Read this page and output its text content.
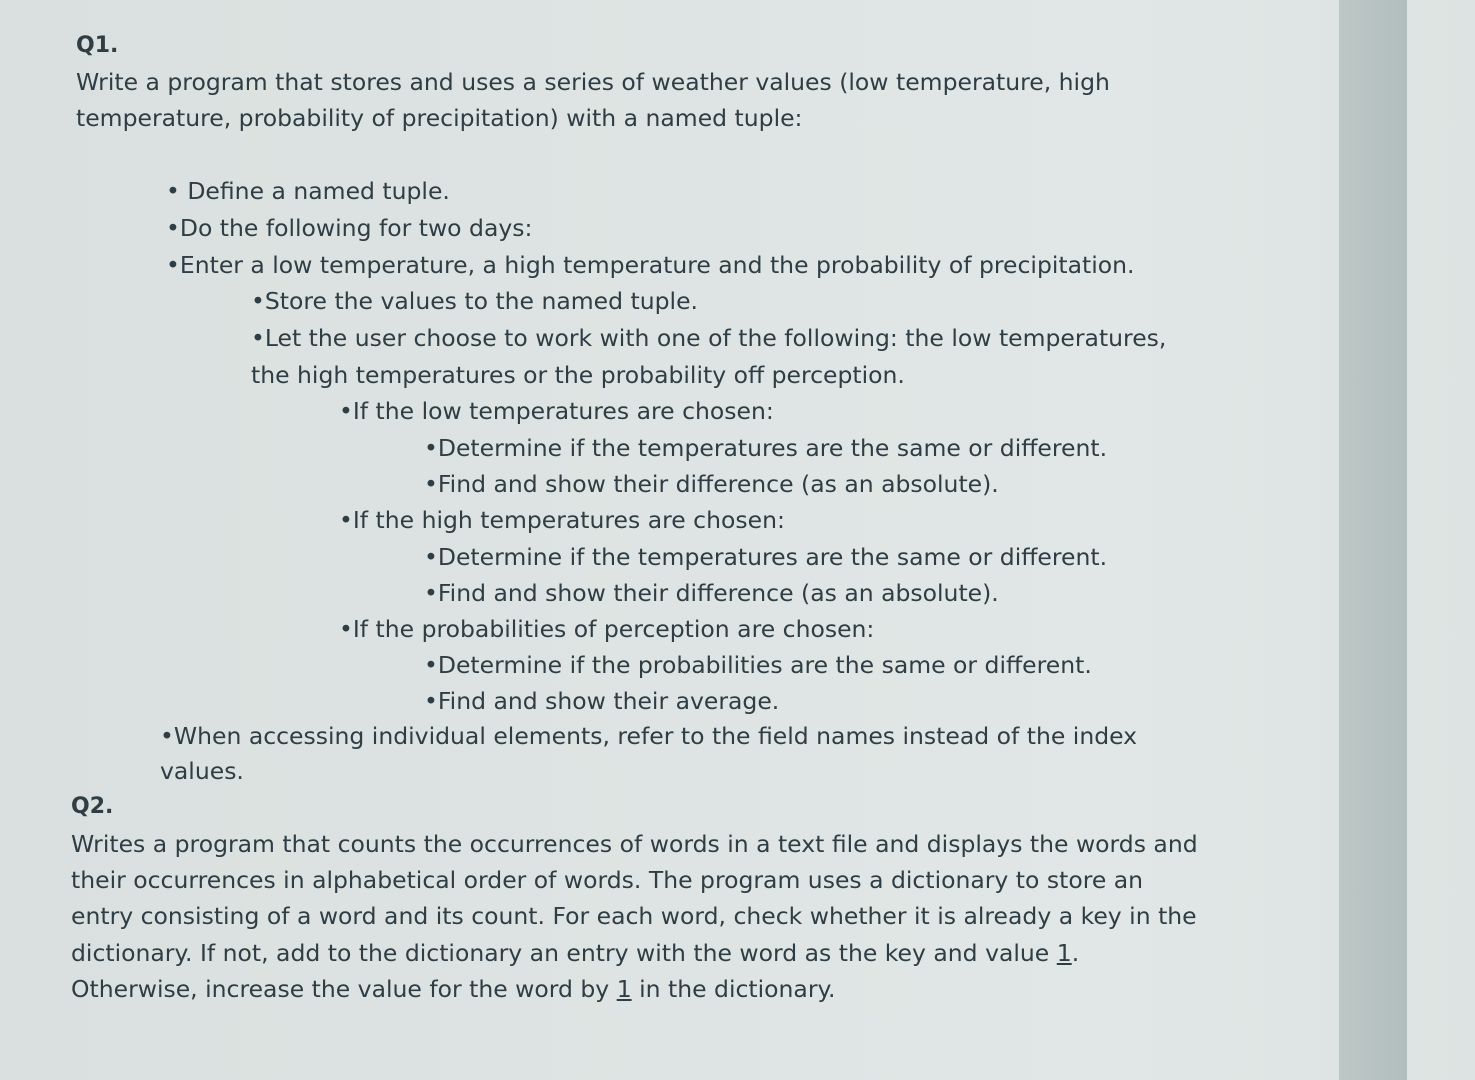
Q1.

Write a program that stores and uses a series of weather values (low temperature, high

temperature, probability of precipitation) with a named tuple:

• Define a named tuple.

•Do the following for two days:

•Enter a low temperature, a high temperature and the probability of precipitation.

•Store the values to the named tuple.

•Let the user choose to work with one of the following: the low temperatures,

the high temperatures or the probability off perception.

•If the low temperatures are chosen:

•Determine if the temperatures are the same or different.

•Find and show their difference (as an absolute).

•If the high temperatures are chosen:

•Determine if the temperatures are the same or different.

•Find and show their difference (as an absolute).

•If the probabilities of perception are chosen:

•Determine if the probabilities are the same or different.

•Find and show their average.

•When accessing individual elements, refer to the field names instead of the index

values.

Q2.

Writes a program that counts the occurrences of words in a text file and displays the words and

their occurrences in alphabetical order of words. The program uses a dictionary to store an

entry consisting of a word and its count. For each word, check whether it is already a key in the

dictionary. If not, add to the dictionary an entry with the word as the key and value 1.

Otherwise, increase the value for the word by 1 in the dictionary.
